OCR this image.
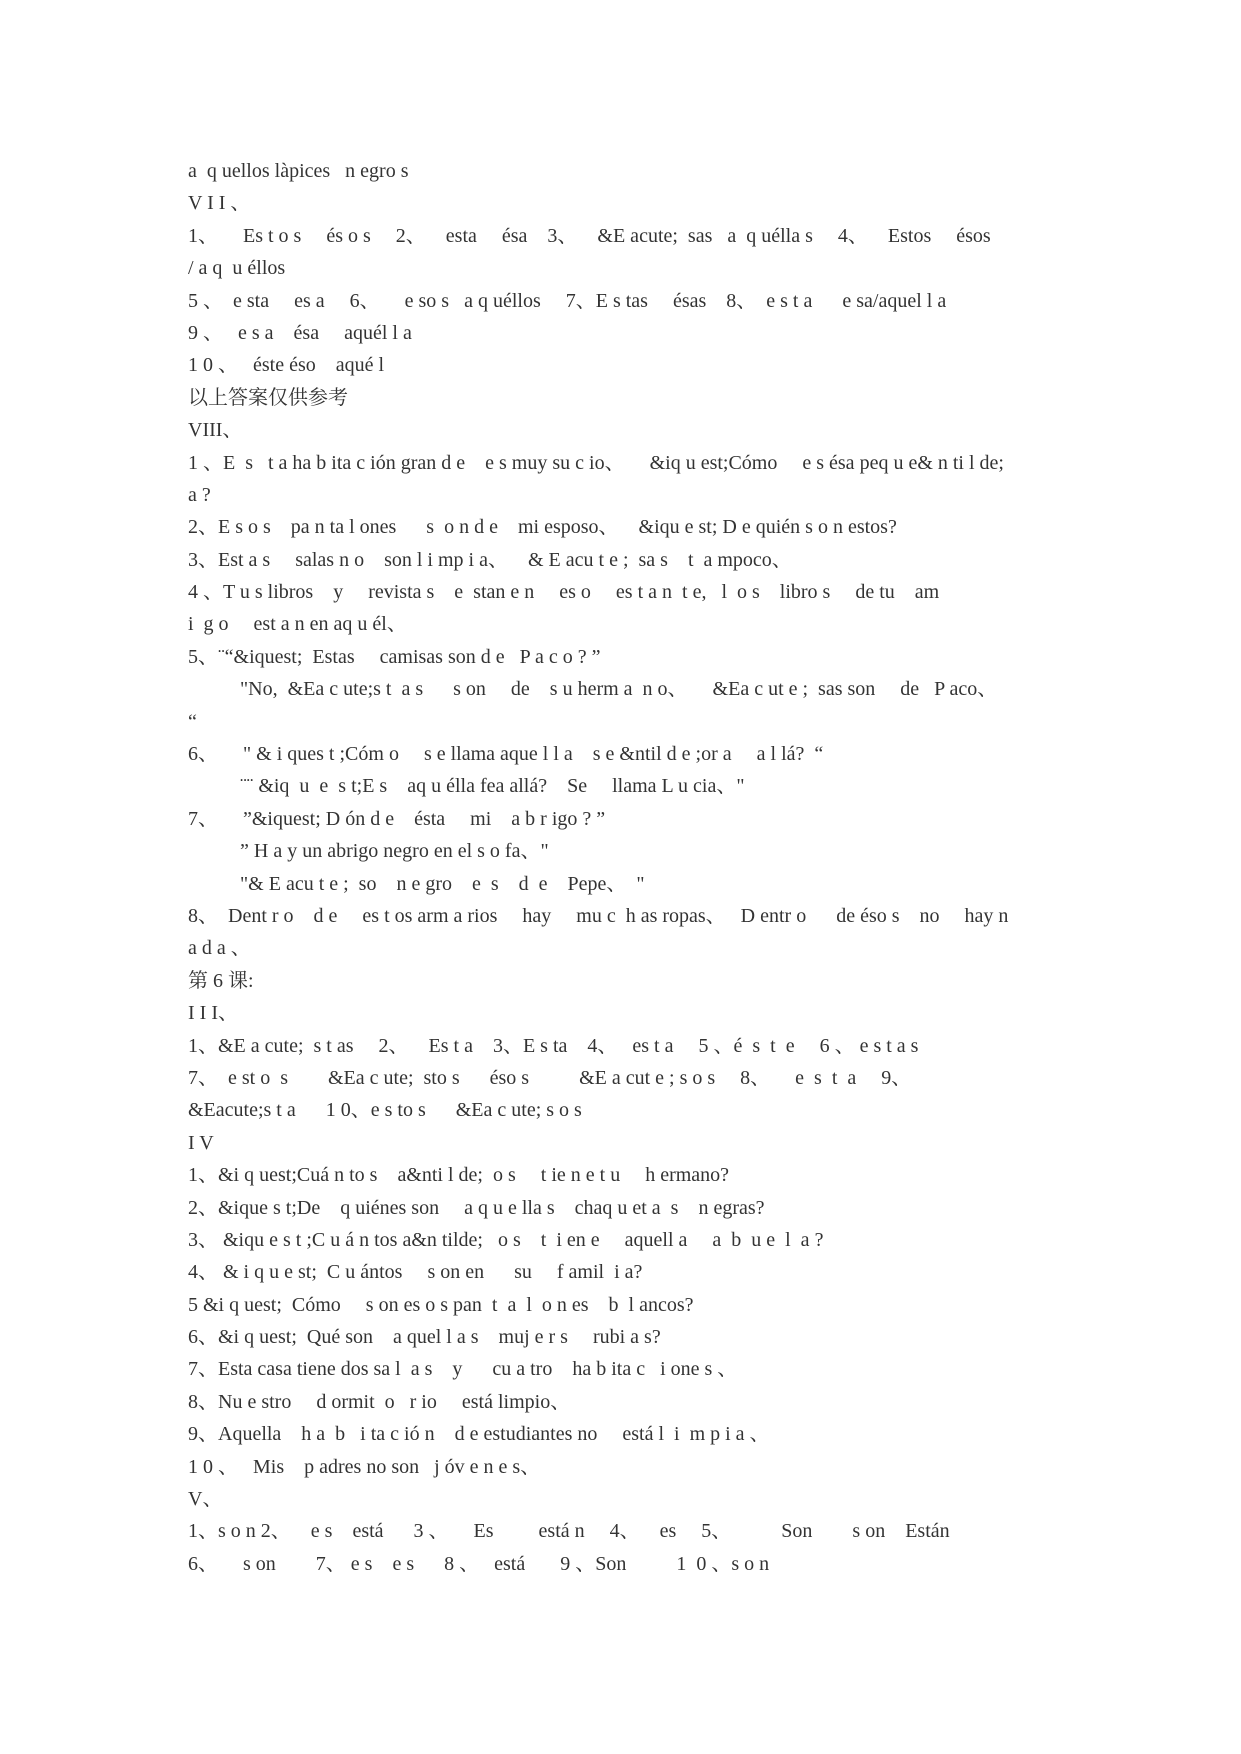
a  q uellos làpices   n egro s
V I I 、
1、     Es t o s     és o s     2、    esta     ésa    3、    &E acute;  sas   a  q uélla s     4、    Estos     ésos
/ a q  u éllos
5 、  e sta     es a     6、     e so s   a q uéllos     7、E s tas     ésas    8、  e s t a      e sa/aquel l a
9 、   e s a    ésa     aquél l a
1 0 、   éste éso    aqué l
以上答案仅供参考
VIII、
1 、E  s   t a ha b ita c ión gran d e    e s muy su c io、     &iq u est;Cómo     e s ésa peq u e& n ti l de;
a ?
2、E s o s    pa n ta l ones      s  o n d e    mi esposo、    &iqu e st; D e quién s o n estos?
3、Est a s     salas n o    son l i mp i a、    & E acu t e ;  sa s    t  a mpoco、
4 、T u s libros    y     revista s    e  stan e n     es o     es t a n  t e,   l  o s    libro s     de tu    am
i  g o     est a n en aq u él、
5、¨“&iquest;  Estas     camisas son d e   P a c o ? ”
"No,  &Ea c ute;s t  a s      s on     de    s u herm a  n o、     &Ea c ut e ;  sas son     de   P aco、
“
6、     " & i ques t ;Cóm o     s e llama aque l l a    s e &ntil d e ;or a     a l lá?  “
¨¨ &iq  u  e  s t;E s    aq u élla fea allá?    Se     llama L u cia、"
7、     ”&iquest; D ón d e    ésta     mi    a b r igo ? ”
” H a y un abrigo negro en el s o fa、"
"& E acu t e ;  so    n e gro    e  s    d  e    Pepe、  "
8、  Dent r o    d e     es t os arm a rios     hay     mu c  h as ropas、   D entr o      de éso s    no     hay n
a d a 、
第 6 课:
I I I、
1、&E a cute;  s t as     2、    Es t a    3、E s ta    4、   es t a     5 、é  s  t  e     6 、 e s t a s
7、  e st o  s        &Ea c ute;  sto s      éso s          &E a cut e ; s o s     8、     e  s  t  a     9、
&Eacute;s t a      1 0、e s to s      &Ea c ute; s o s
I V
1、&i q uest;Cuá n to s    a&nti l de;  o s     t ie n e t u     h ermano?
2、&ique s t;De    q uiénes son     a q u e lla s    chaq u et a  s    n egras?
3、 &iqu e s t ;C u á n tos a&n tilde;   o s    t  i en e     aquell a     a  b  u e  l  a ?
4、 & i q u e st;  C u ántos     s on en      su     f amil  i a?
5 &i q uest;  Cómo     s on es o s pan  t  a  l  o n es    b  l ancos?
6、&i q uest;  Qué son    a quel l a s    muj e r s     rubi a s?
7、Esta casa tiene dos sa l  a s    y      cu a tro    ha b ita c   i one s 、
8、Nu e stro     d ormit  o   r io     está limpio、
9、Aquella    h a  b   i ta c ió n    d e estudiantes no     está l  i  m p i a 、
1 0 、   Mis    p adres no son   j óv e n e s、
V、
1、s o n 2、    e s    está      3 、     Es         está n     4、    es     5、          Son        s on    Están
6、     s on        7、 e s    e s      8 、   está       9 、Son          1  0 、s o n
